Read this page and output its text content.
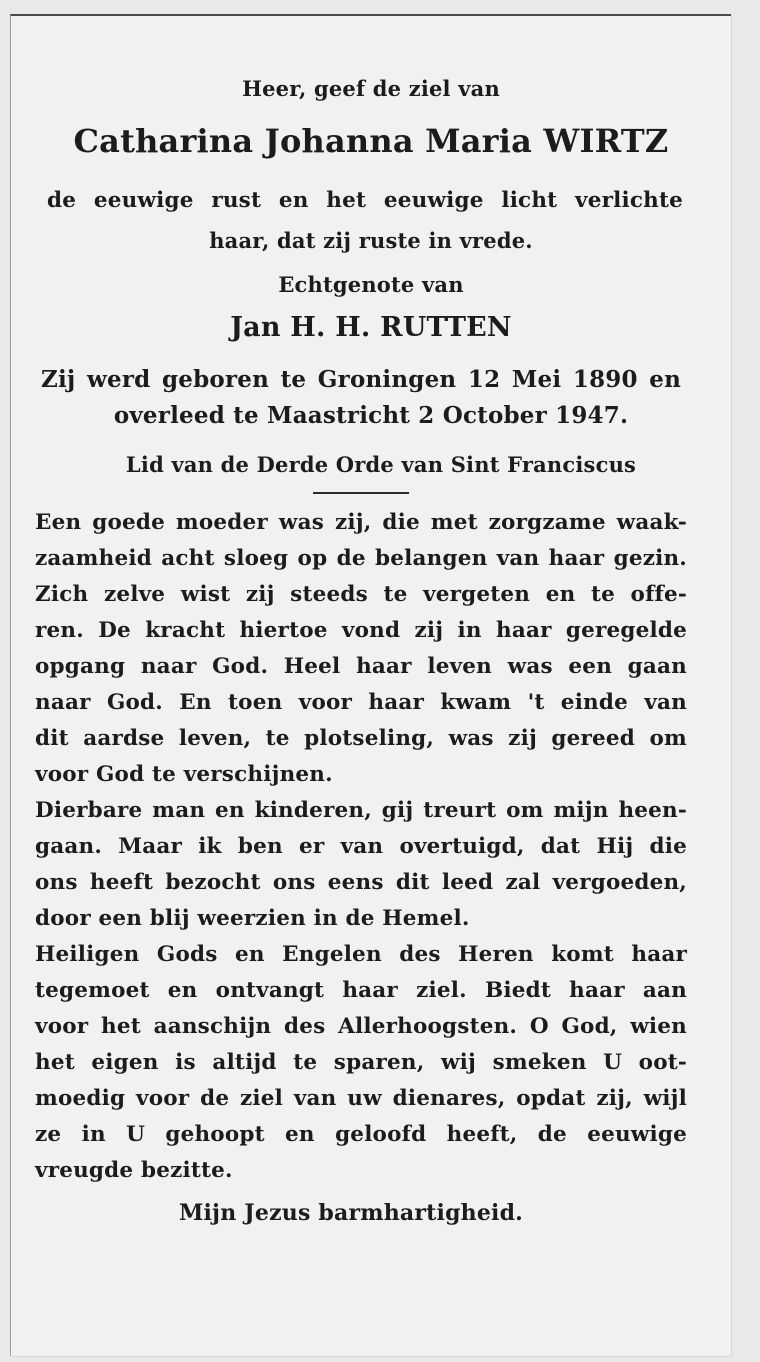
Heer, geef de ziel van
Catharina Johanna Maria WIRTZ
de eeuwige rust en het eeuwige licht verlichte
haar, dat zij ruste in vrede.
Echtgenote van
Jan H. H. RUTTEN
Zij werd geboren te Groningen 12 Mei 1890 en
overleed te Maastricht 2 October 1947.
Lid van de Derde Orde van Sint Franciscus
Een goede moeder was zij, die met zorgzame waak-
zaamheid acht sloeg op de belangen van haar gezin.
Zich zelve wist zij steeds te vergeten en te offe-
ren. De kracht hiertoe vond zij in haar geregelde
opgang naar God. Heel haar leven was een gaan
naar God. En toen voor haar kwam 't einde van
dit aardse leven, te plotseling, was zij gereed om
voor God te verschijnen.
Dierbare man en kinderen, gij treurt om mijn heen-
gaan. Maar ik ben er van overtuigd, dat Hij die
ons heeft bezocht ons eens dit leed zal vergoeden,
door een blij weerzien in de Hemel.
Heiligen Gods en Engelen des Heren komt haar
tegemoet en ontvangt haar ziel. Biedt haar aan
voor het aanschijn des Allerhoogsten. O God, wien
het eigen is altijd te sparen, wij smeken U oot-
moedig voor de ziel van uw dienares, opdat zij, wijl
ze in U gehoopt en geloofd heeft, de eeuwige
vreugde bezitte.
Mijn Jezus barmhartigheid.
